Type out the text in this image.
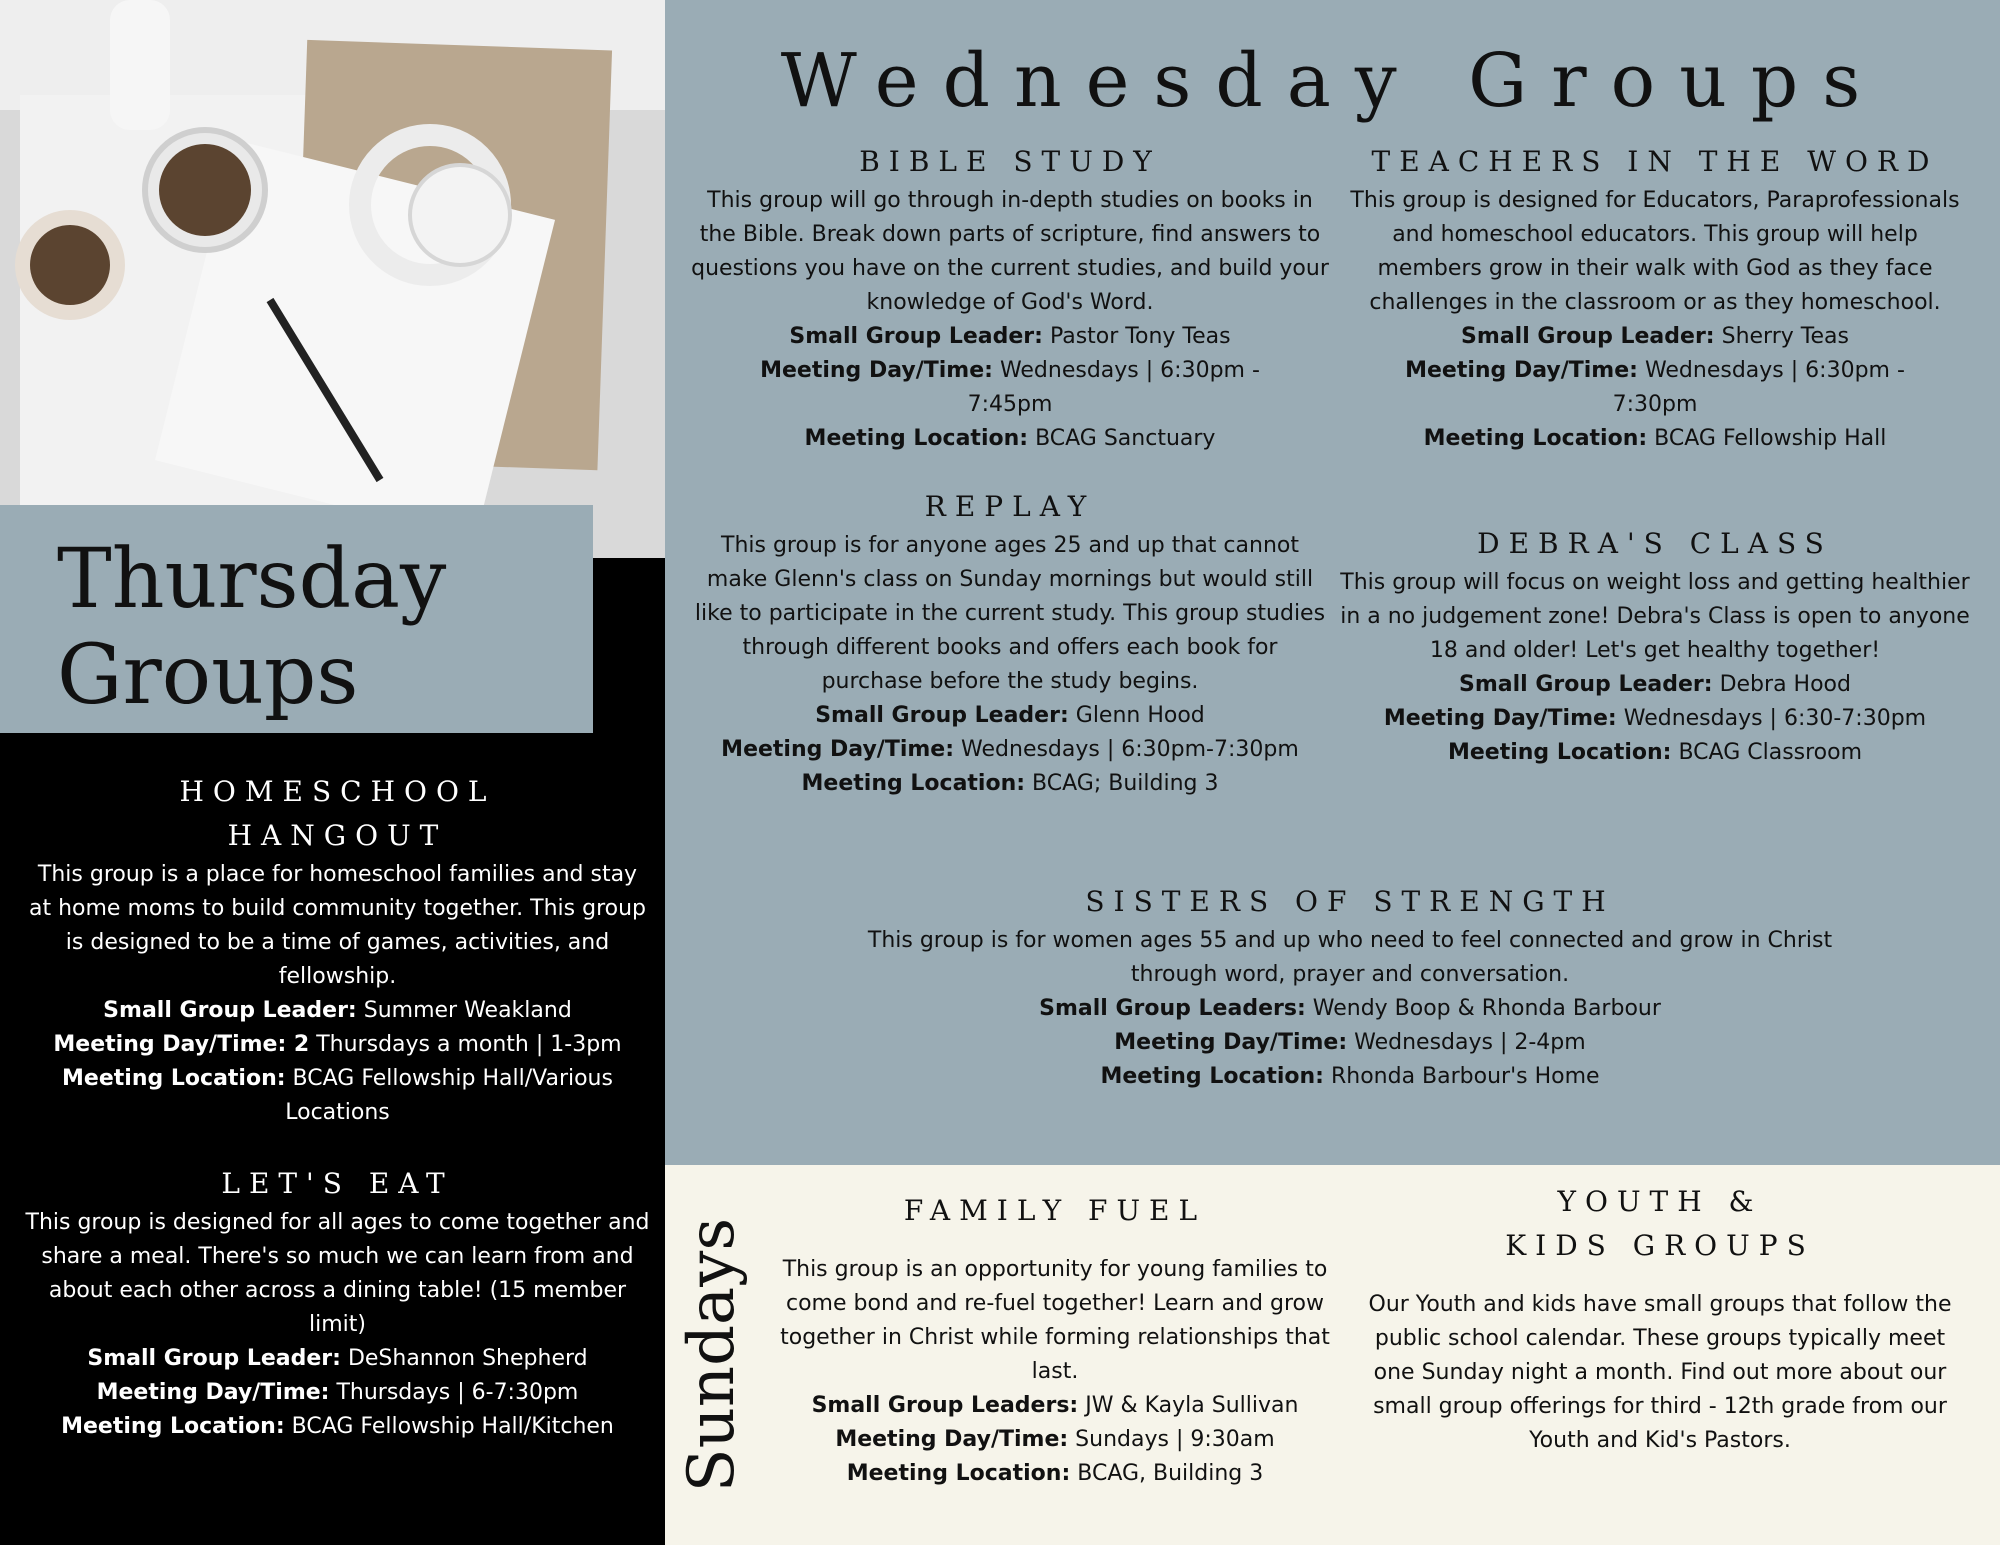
Thursday
Groups
Wednesday Groups

BIBLE STUDY

This group will go through in-depth studies on books in the Bible. Break down parts of scripture, find answers to questions you have on the current studies, and build your knowledge of God's Word.

Small Group Leader: Pastor Tony Teas

Meeting Day/Time: Wednesdays | 6:30pm - 7:45pm

Meeting Location: BCAG Sanctuary

TEACHERS IN THE WORD

This group is designed for Educators, Paraprofessionals and homeschool educators. This group will help members grow in their walk with God as they face challenges in the classroom or as they homeschool.

Small Group Leader: Sherry Teas

Meeting Day/Time: Wednesdays | 6:30pm - 7:30pm

Meeting Location: BCAG Fellowship Hall

REPLAY

This group is for anyone ages 25 and up that cannot make Glenn's class on Sunday mornings but would still like to participate in the current study. This group studies through different books and offers each book for purchase before the study begins.

Small Group Leader: Glenn Hood

Meeting Day/Time: Wednesdays | 6:30pm-7:30pm

Meeting Location: BCAG; Building 3

DEBRA'S CLASS

This group will focus on weight loss and getting healthier in a no judgement zone! Debra's Class is open to anyone 18 and older! Let's get healthy together!

Small Group Leader: Debra Hood

Meeting Day/Time: Wednesdays | 6:30-7:30pm

Meeting Location: BCAG Classroom

SISTERS OF STRENGTH

This group is for women ages 55 and up who need to feel connected and grow in Christ through word, prayer and conversation.

Small Group Leaders: Wendy Boop & Rhonda Barbour

Meeting Day/Time: Wednesdays | 2-4pm

Meeting Location: Rhonda Barbour's Home

HOMESCHOOL
HANGOUT

This group is a place for homeschool families and stay at home moms to build community together. This group is designed to be a time of games, activities, and fellowship.

Small Group Leader: Summer Weakland

Meeting Day/Time: 2 Thursdays a month | 1-3pm

Meeting Location: BCAG Fellowship Hall/Various Locations

LET'S EAT

This group is designed for all ages to come together and share a meal. There's so much we can learn from and about each other across a dining table! (15 member limit)

Small Group Leader: DeShannon Shepherd

Meeting Day/Time: Thursdays | 6-7:30pm

Meeting Location: BCAG Fellowship Hall/Kitchen Sundays

FAMILY FUEL

This group is an opportunity for young families to come bond and re-fuel together! Learn and grow together in Christ while forming relationships that last.

Small Group Leaders: JW & Kayla Sullivan

Meeting Day/Time: Sundays | 9:30am

Meeting Location: BCAG, Building 3

YOUTH &
KIDS GROUPS

Our Youth and kids have small groups that follow the public school calendar. These groups typically meet one Sunday night a month. Find out more about our small group offerings for third - 12th grade from our Youth and Kid's Pastors.
